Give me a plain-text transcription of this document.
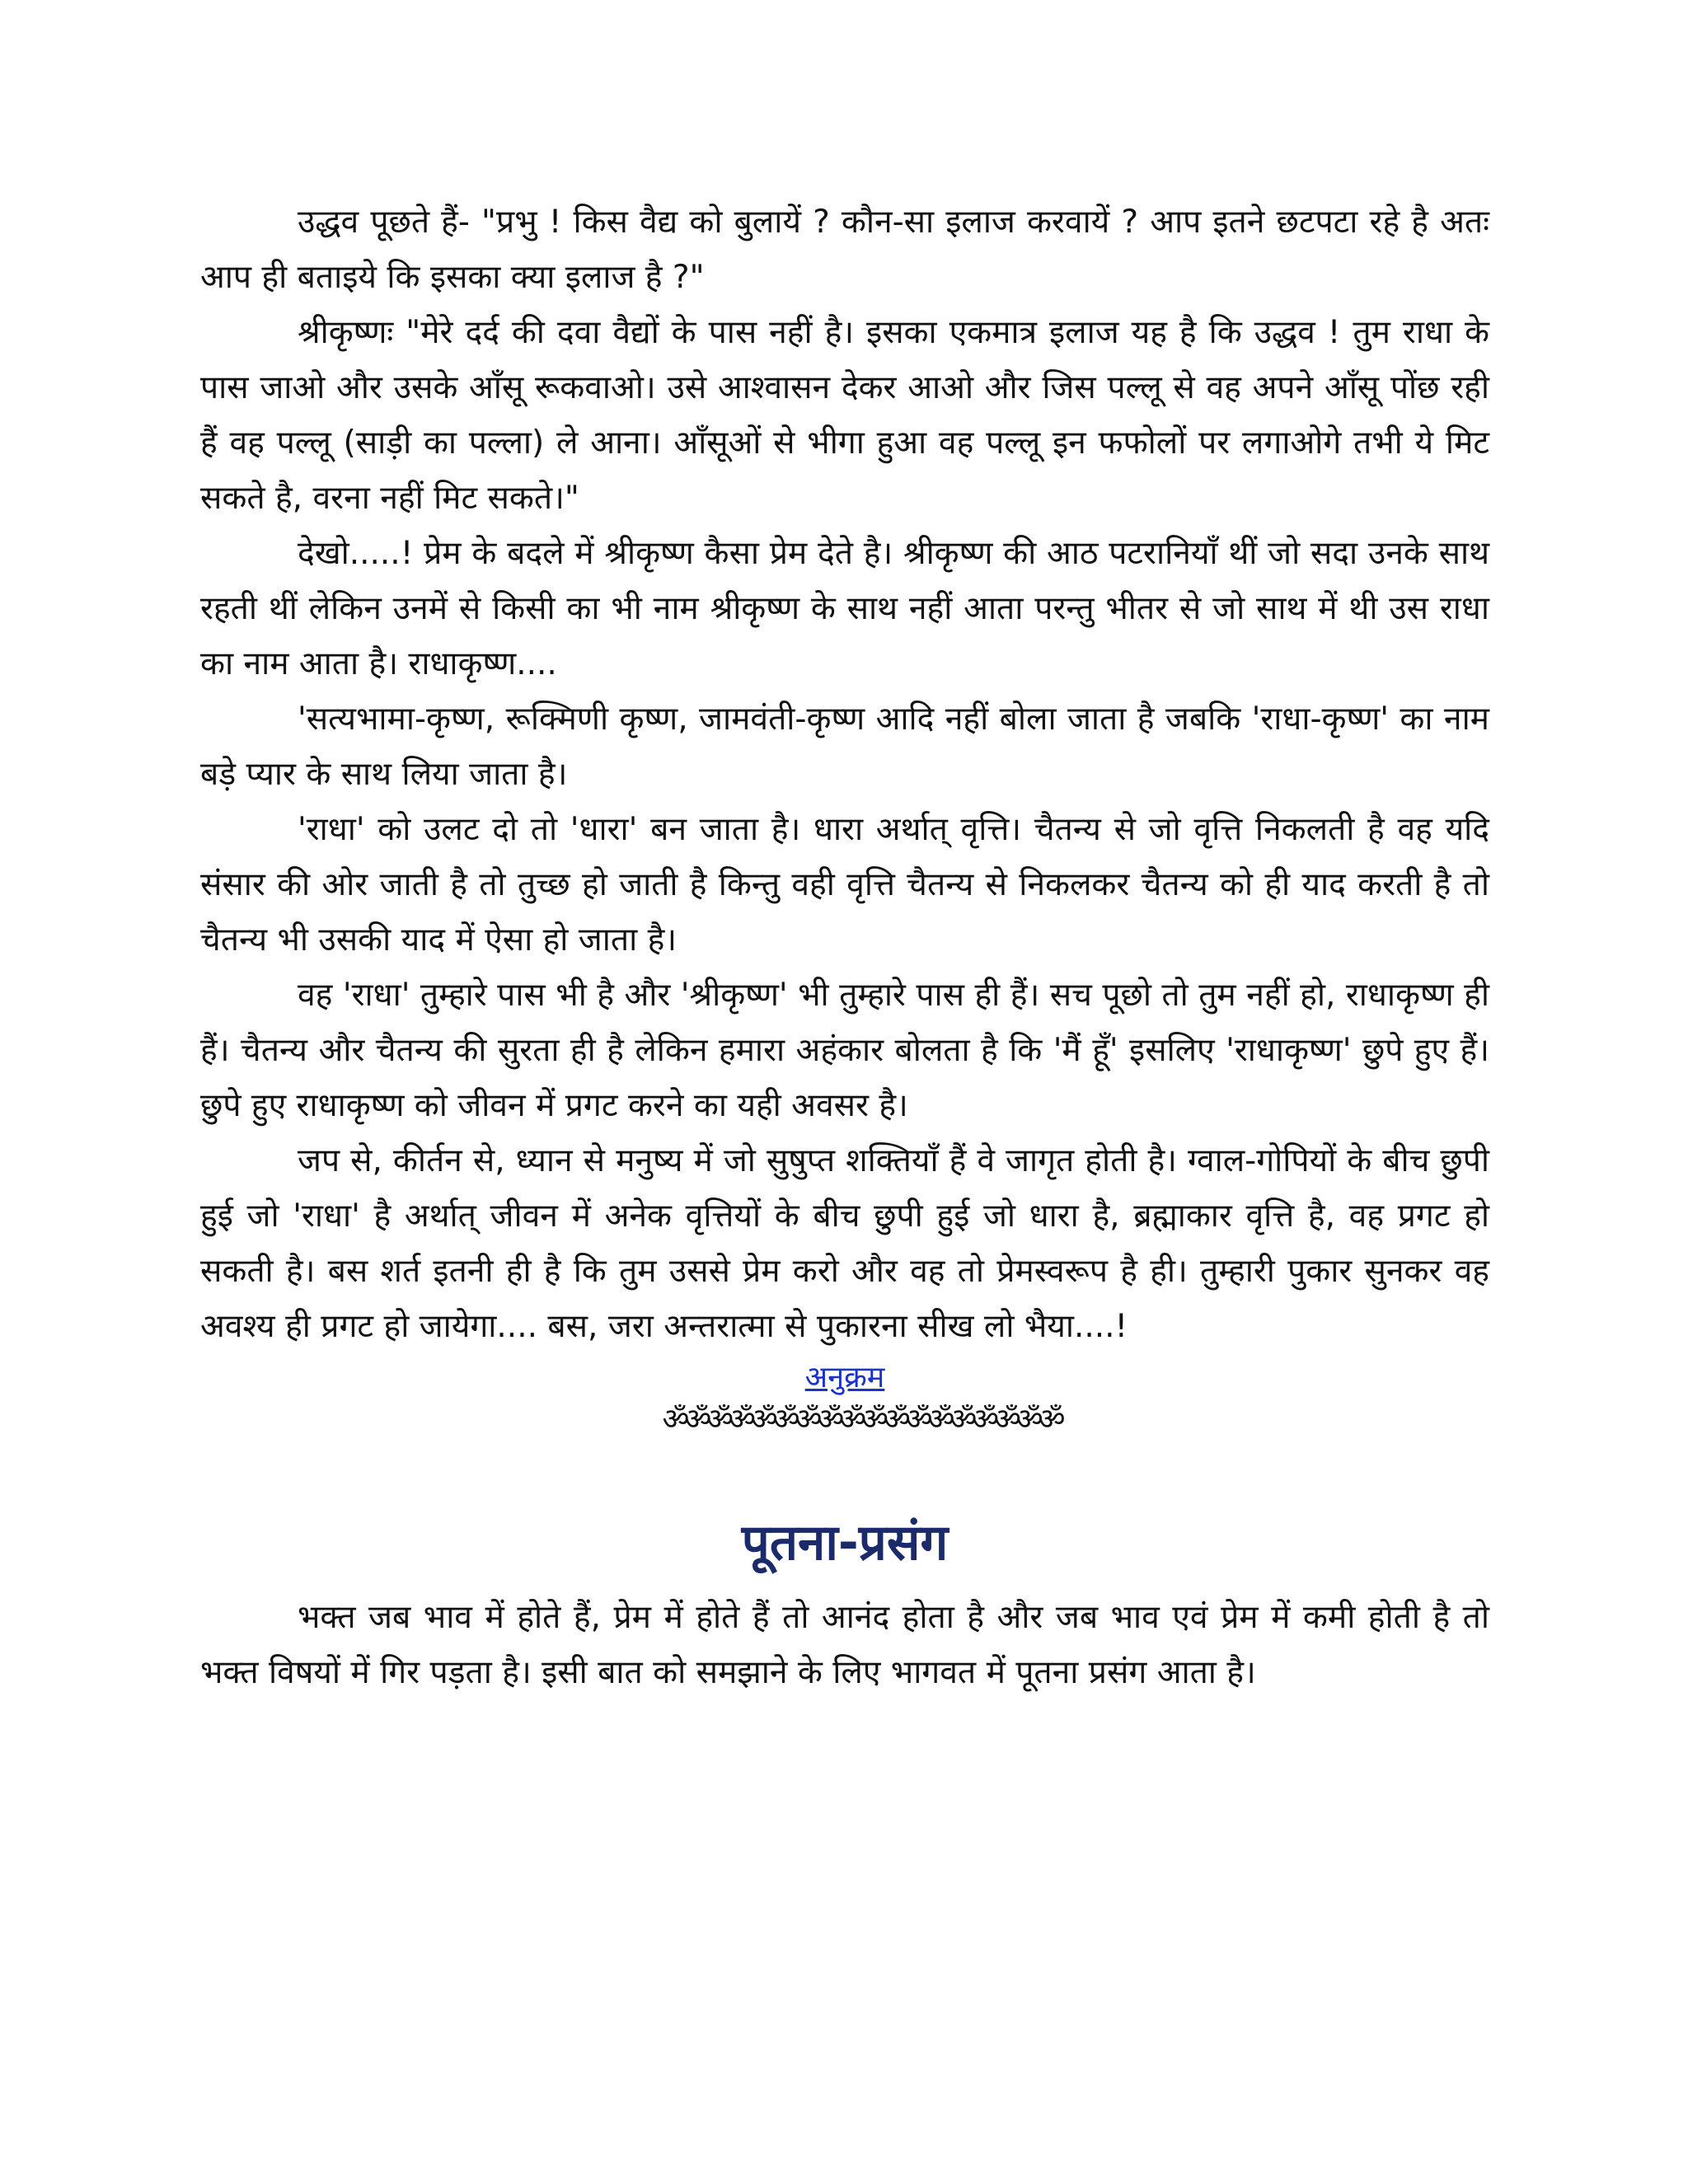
उद्धव पूछते हैं- "प्रभु ! किस वैद्य को बुलायें ? कौन-सा इलाज करवायें ? आप इतने छटपटा रहे है अतः आप ही बताइये कि इसका क्या इलाज है ?"

श्रीकृष्णः "मेरे दर्द की दवा वैद्यों के पास नहीं है। इसका एकमात्र इलाज यह है कि उद्धव ! तुम राधा के पास जाओ और उसके आँसू रूकवाओ। उसे आश्वासन देकर आओ और जिस पल्लू से वह अपने आँसू पोंछ रही हैं वह पल्लू (साड़ी का पल्ला) ले आना। आँसूओं से भीगा हुआ वह पल्लू इन फफोलों पर लगाओगे तभी ये मिट सकते है, वरना नहीं मिट सकते।"

देखो.....! प्रेम के बदले में श्रीकृष्ण कैसा प्रेम देते है। श्रीकृष्ण की आठ पटरानियाँ थीं जो सदा उनके साथ रहती थीं लेकिन उनमें से किसी का भी नाम श्रीकृष्ण के साथ नहीं आता परन्तु भीतर से जो साथ में थी उस राधा का नाम आता है। राधाकृष्ण....

'सत्यभामा-कृष्ण, रूक्मिणी कृष्ण, जामवंती-कृष्ण आदि नहीं बोला जाता है जबकि 'राधा-कृष्ण' का नाम बड़े प्यार के साथ लिया जाता है।

'राधा' को उलट दो तो 'धारा' बन जाता है। धारा अर्थात् वृत्ति। चैतन्य से जो वृत्ति निकलती है वह यदि संसार की ओर जाती है तो तुच्छ हो जाती है किन्तु वही वृत्ति चैतन्य से निकलकर चैतन्य को ही याद करती है तो चैतन्य भी उसकी याद में ऐसा हो जाता है।

वह 'राधा' तुम्हारे पास भी है और 'श्रीकृष्ण' भी तुम्हारे पास ही हैं। सच पूछो तो तुम नहीं हो, राधाकृष्ण ही हैं। चैतन्य और चैतन्य की सुरता ही है लेकिन हमारा अहंकार बोलता है कि 'मैं हूँ' इसलिए 'राधाकृष्ण' छुपे हुए हैं। छुपे हुए राधाकृष्ण को जीवन में प्रगट करने का यही अवसर है।

जप से, कीर्तन से, ध्यान से मनुष्य में जो सुषुप्त शक्तियाँ हैं वे जागृत होती है। ग्वाल-गोपियों के बीच छुपी हुई जो 'राधा' है अर्थात् जीवन में अनेक वृत्तियों के बीच छुपी हुई जो धारा है, ब्रह्माकार वृत्ति है, वह प्रगट हो सकती है। बस शर्त इतनी ही है कि तुम उससे प्रेम करो और वह तो प्रेमस्वरूप है ही। तुम्हारी पुकार सुनकर वह अवश्य ही प्रगट हो जायेगा.... बस, जरा अन्तरात्मा से पुकारना सीख लो भैया....!

अनुक्रम
ॐॐॐॐॐॐॐॐॐॐॐॐॐॐॐॐॐॐ
पूतना-प्रसंग

भक्त जब भाव में होते हैं, प्रेम में होते हैं तो आनंद होता है और जब भाव एवं प्रेम में कमी होती है तो भक्त विषयों में गिर पड़ता है। इसी बात को समझाने के लिए भागवत में पूतना प्रसंग आता है।
